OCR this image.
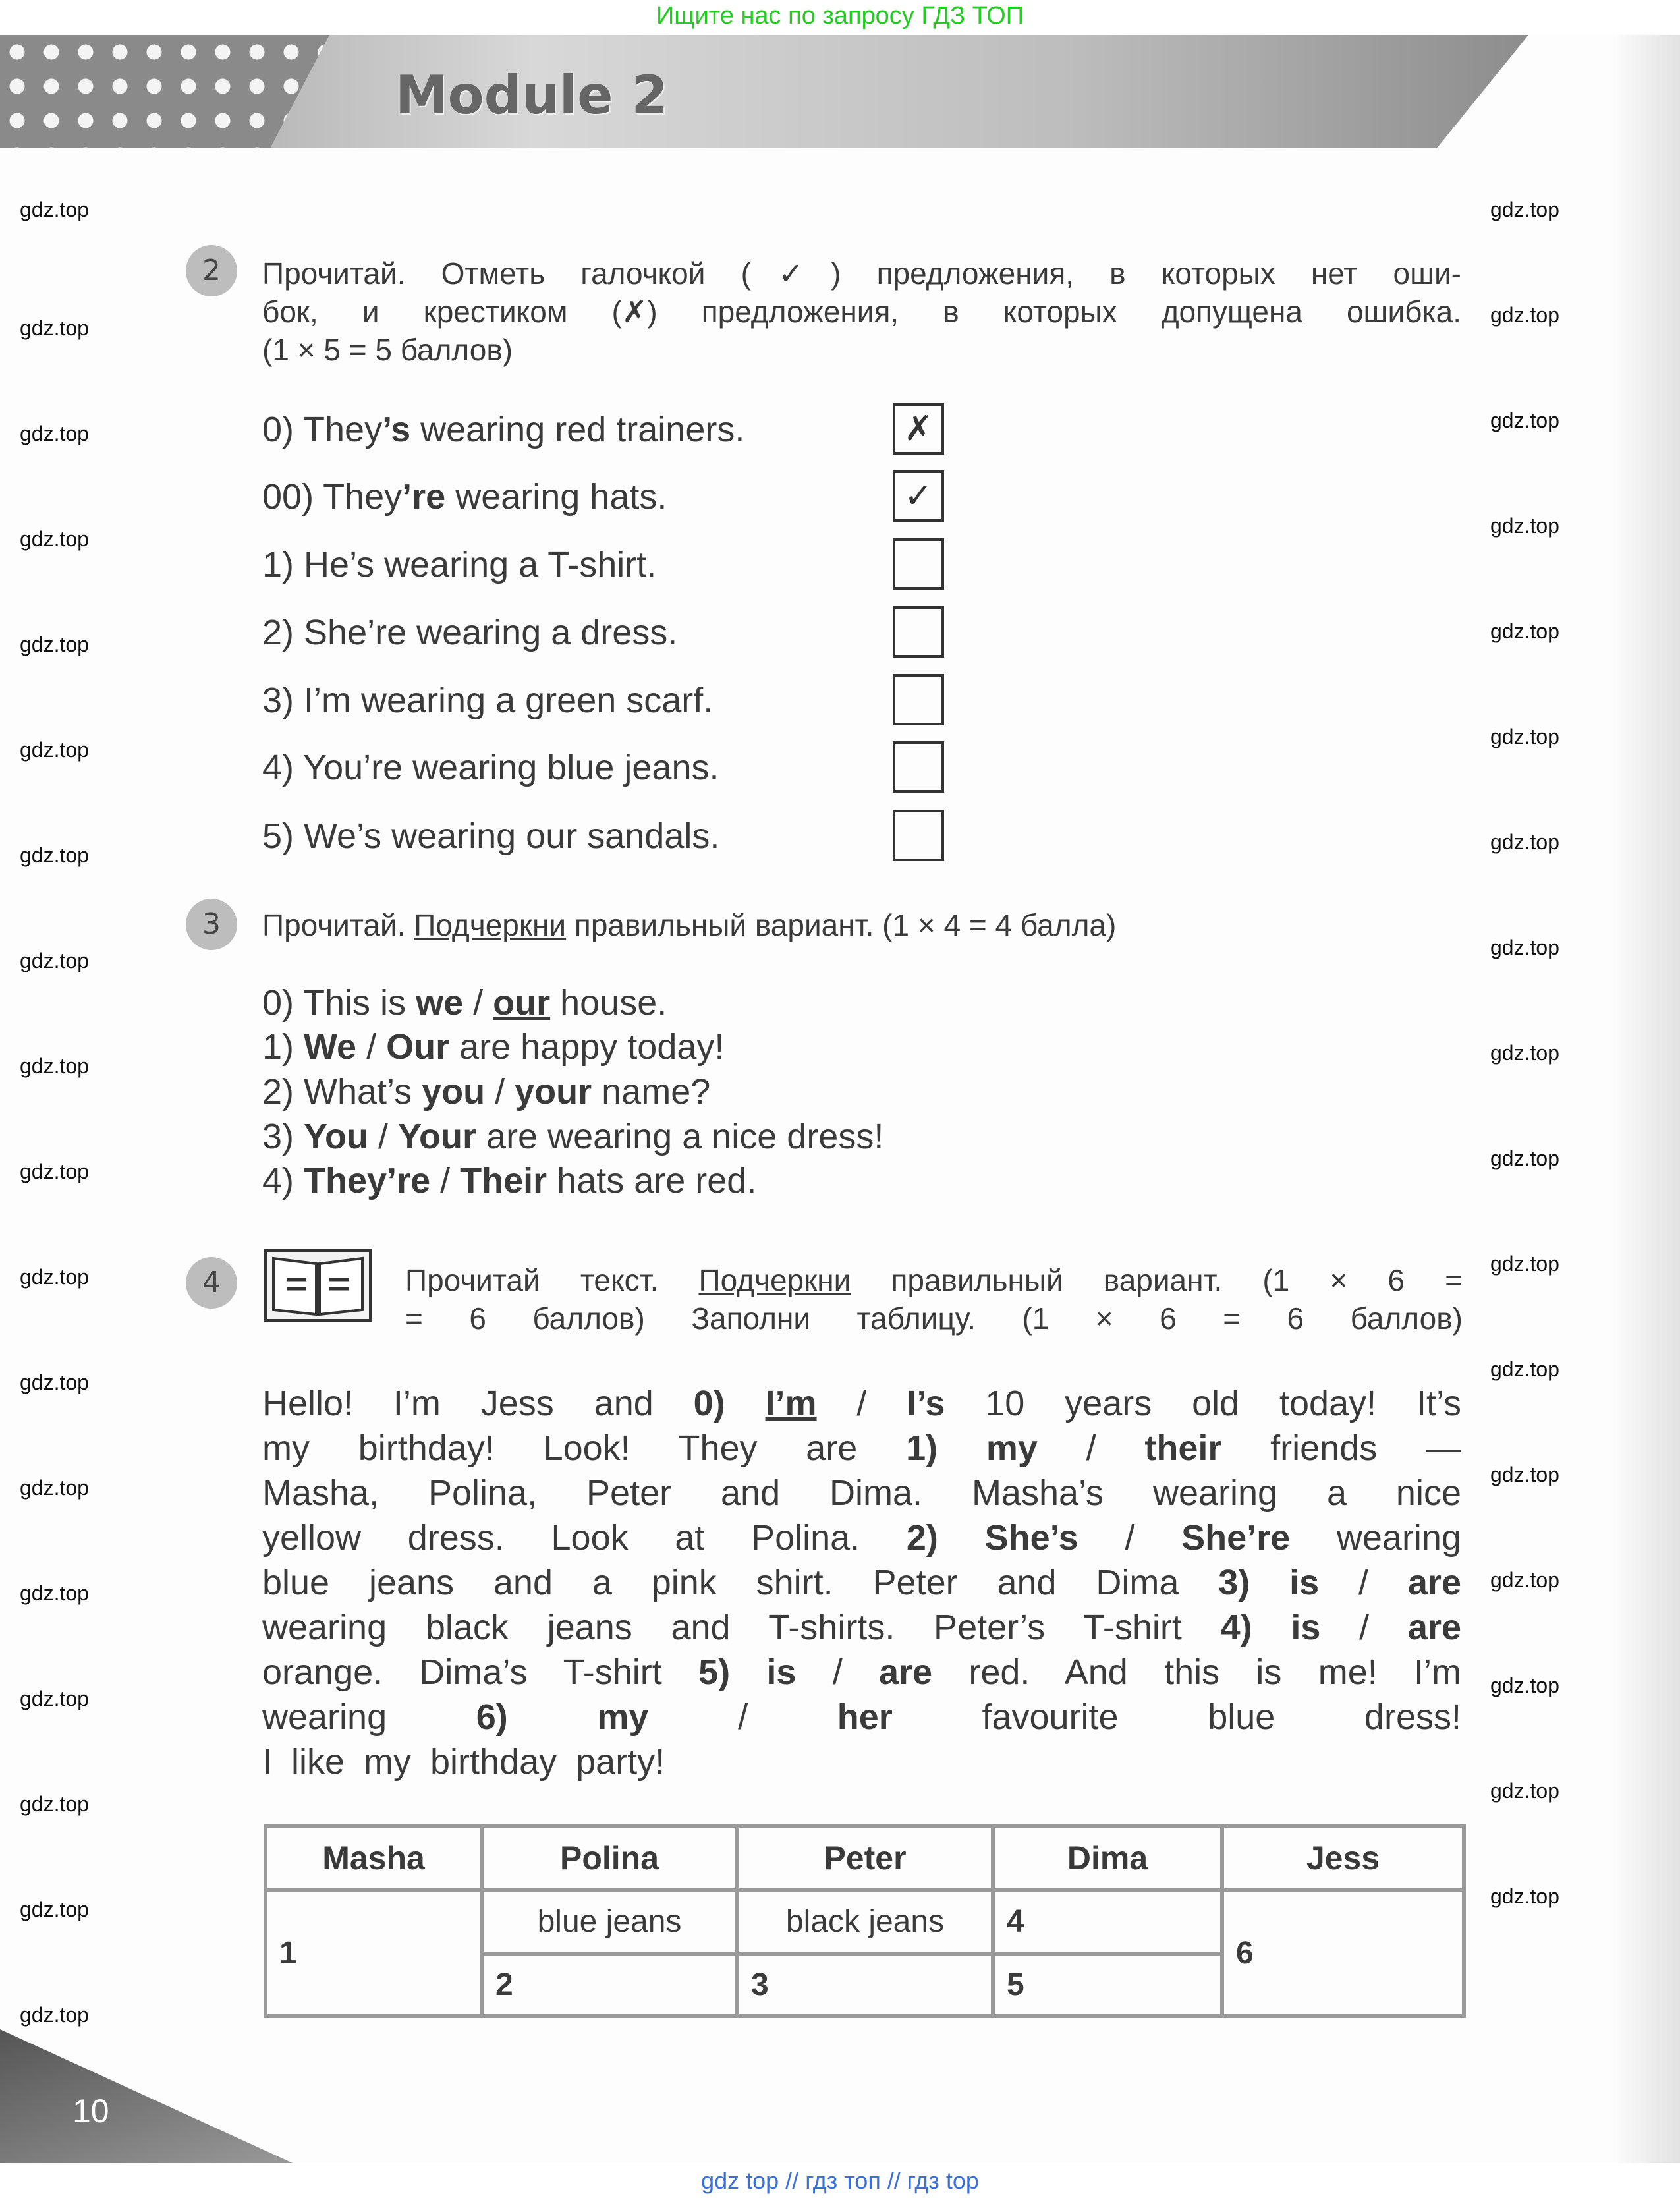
Ищите нас по запросу ГДЗ ТОП
Module 2
2	Прочитай. Отметь галочкой (✓) предложения, в которых нет оши-
бок, и крестиком (✗) предложения, в которых допущена ошибка.
(1 × 5 = 5 баллов)
0) They’s wearing red trainers.	✗
00) They’re wearing hats.	✓
1) He’s wearing a T-shirt.
2) She’re wearing a dress.
3) I’m wearing a green scarf.
4) You’re wearing blue jeans.
5) We’s wearing our sandals.
3	Прочитай. Подчеркни правильный вариант. (1 × 4 = 4 балла)
0) This is we / our house.
1) We / Our are happy today!
2) What’s you / your name?
3) You / Your are wearing a nice dress!
4) They’re / Their hats are red.
4	Прочитай текст. Подчеркни правильный вариант. (1 × 6 =
= 6 баллов) Заполни таблицу. (1 × 6 = 6 баллов)
Hello! I’m Jess and 0) I’m / I’s 10 years old today! It’s
my birthday! Look! They are 1) my / their friends —
Masha, Polina, Peter and Dima. Masha’s wearing a nice
yellow dress. Look at Polina. 2) She’s / She’re wearing
blue jeans and a pink shirt. Peter and Dima 3) is / are
wearing black jeans and T-shirts. Peter’s T-shirt 4) is / are
orange. Dima’s T-shirt 5) is / are red. And this is me! I’m
wearing 6) my / her favourite blue dress!
I like my birthday party!
Masha	Polina	Peter	Dima	Jess
1	blue jeans	black jeans	4	6
	2	3	5	
10
gdz top // гдз топ // гдз top
gdz.top
gdz.top
gdz.top
gdz.top
gdz.top
gdz.top
gdz.top
gdz.top
gdz.top
gdz.top
gdz.top
gdz.top
gdz.top
gdz.top
gdz.top
gdz.top
gdz.top
gdz.top
gdz.top
gdz.top
gdz.top
gdz.top
gdz.top
gdz.top
gdz.top
gdz.top
gdz.top
gdz.top
gdz.top
gdz.top
gdz.top
gdz.top
gdz.top
gdz.top
gdz.top
